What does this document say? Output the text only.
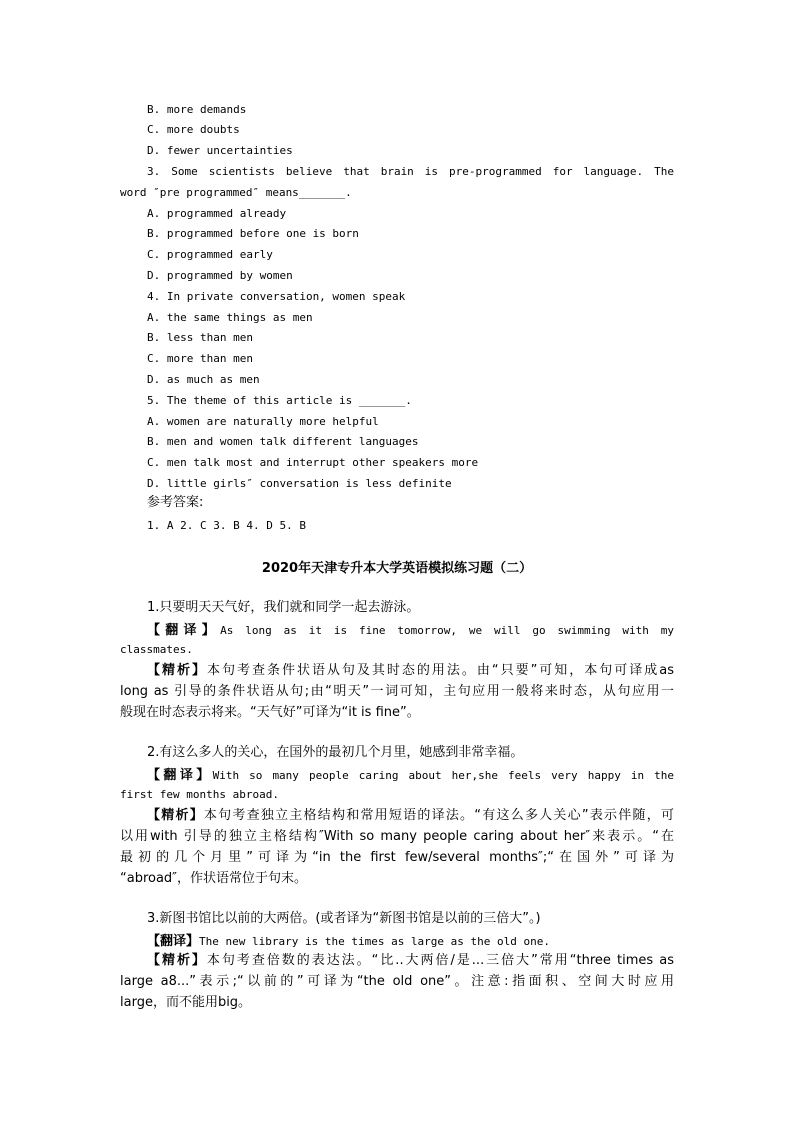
B. more demands
C. more doubts
D. fewer uncertainties
3. Some scientists believe that brain is pre-programmed for language. The
word ″pre programmed″ means_______.
A. programmed already
B. programmed before one is born
C. programmed early
D. programmed by women
4. In private conversation, women speak
A. the same things as men
B. less than men
C. more than men
D. as much as men
5. The theme of this article is _______.
A. women are naturally more helpful
B. men and women talk different languages
C. men talk most and interrupt other speakers more
D. little girls″ conversation is less definite
参考答案:
1. A 2. C 3. B 4. D 5. B
2020年天津专升本大学英语模拟练习题（二）
1.只要明天天气好，我们就和同学一起去游泳。
【翻译】As long as it is fine tomorrow, we will go swimming with my
classmates.
【精析】本句考查条件状语从句及其时态的用法。由“只要”可知，本句可译成as
long as 引导的条件状语从句;由“明天”一词可知，主句应用一般将来时态，从句应用一
般现在时态表示将来。“天气好”可译为“it is fine”。
2.有这么多人的关心，在国外的最初几个月里，她感到非常幸福。
【翻译】With so many people caring about her,she feels very happy in the
first few months abroad.
【精析】本句考查独立主格结构和常用短语的译法。“有这么多人关心”表示伴随，可
以用with 引导的独立主格结构″With so many people caring about her″来表示。“在
最初的几个月里”可译为“in the first few/several months″;“在国外”可译为
“abroad″，作状语常位于句末。
3.新图书馆比以前的大两倍。(或者译为“新图书馆是以前的三倍大”。)
【翻译】The new library is the times as large as the old one.
【精析】本句考查倍数的表达法。“比..大两倍/是...三倍大”常用“three times as
large a8...”表示;“以前的”可译为“the old one”。注意:指面积、空间大时应用
large，而不能用big。
